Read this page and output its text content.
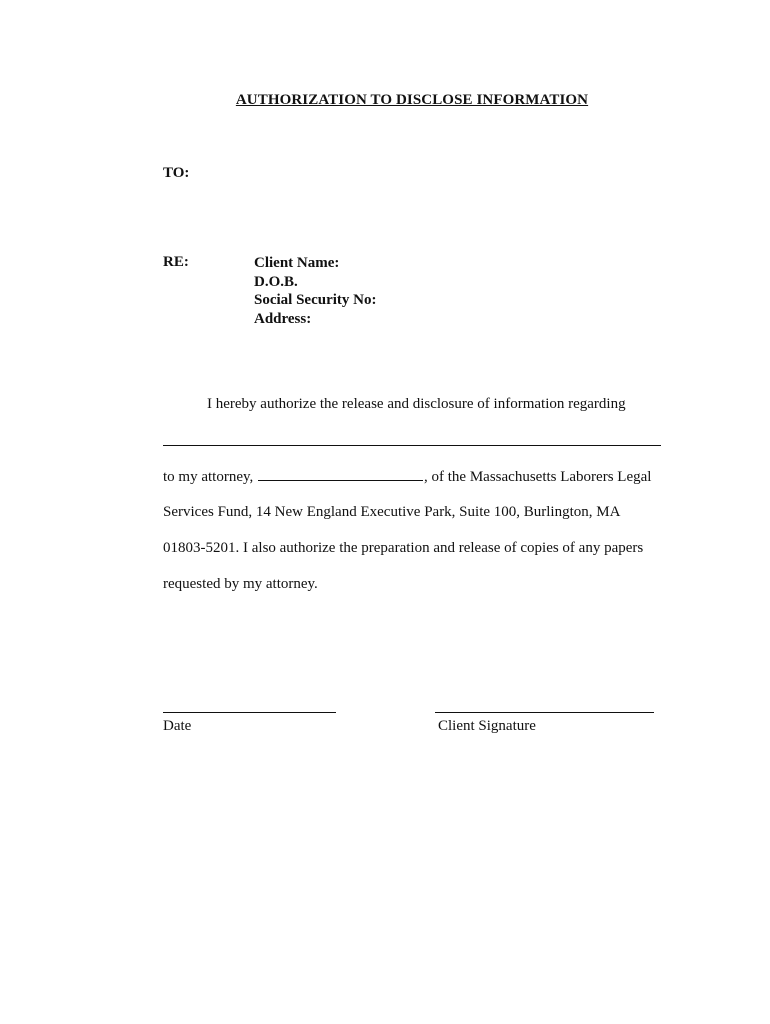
AUTHORIZATION TO DISCLOSE INFORMATION
TO:
RE:	Client Name:
D.O.B.
Social Security No:
Address:
I hereby authorize the release and disclosure of information regarding
to my attorney,	, of the Massachusetts Laborers Legal
Services Fund, 14 New England Executive Park, Suite 100, Burlington, MA
01803-5201. I also authorize the preparation and release of copies of any papers
requested by my attorney.
Date	Client Signature
